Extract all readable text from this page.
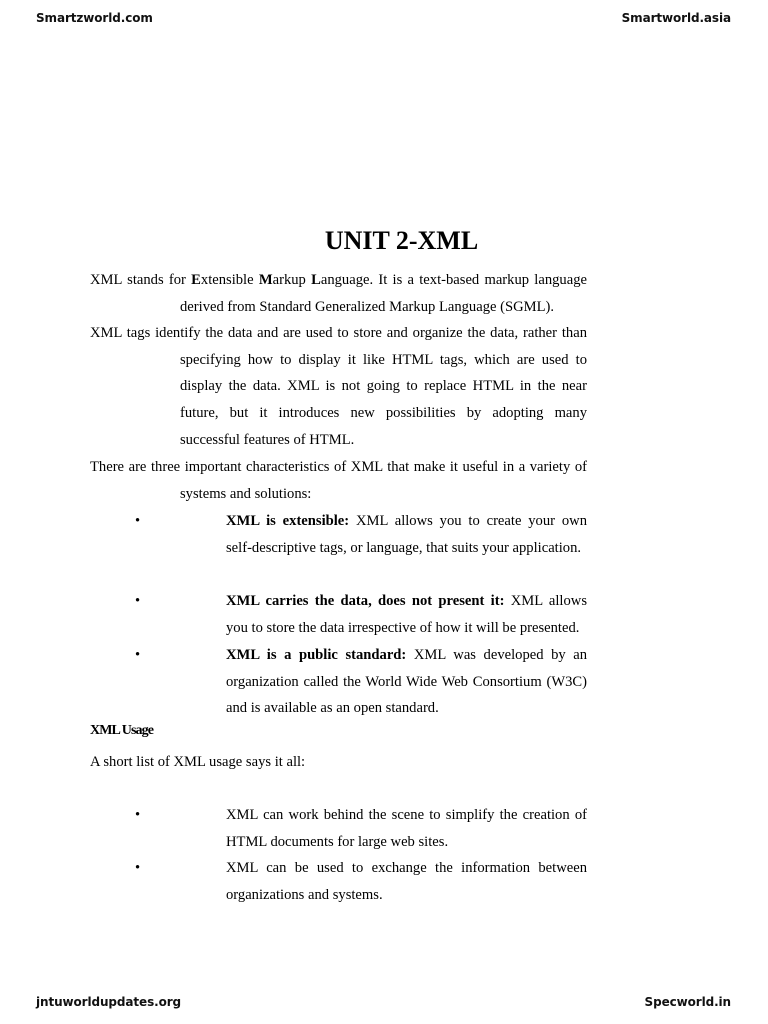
Smartzworld.com	Smartworld.asia
UNIT 2-XML
XML stands for Extensible Markup Language. It is a text-based markup language derived from Standard Generalized Markup Language (SGML).
XML tags identify the data and are used to store and organize the data, rather than specifying how to display it like HTML tags, which are used to display the data. XML is not going to replace HTML in the near future, but it introduces new possibilities by adopting many successful features of HTML.
There are three important characteristics of XML that make it useful in a variety of systems and solutions:
•	XML is extensible: XML allows you to create your own self-descriptive tags, or language, that suits your application.
•	XML carries the data, does not present it: XML allows you to store the data irrespective of how it will be presented.
•	XML is a public standard: XML was developed by an organization called the World Wide Web Consortium (W3C) and is available as an open standard.
XML Usage
A short list of XML usage says it all:
•	XML can work behind the scene to simplify the creation of HTML documents for large web sites.
•	XML can be used to exchange the information between organizations and systems.
jntuworldupdates.org	Specworld.in
